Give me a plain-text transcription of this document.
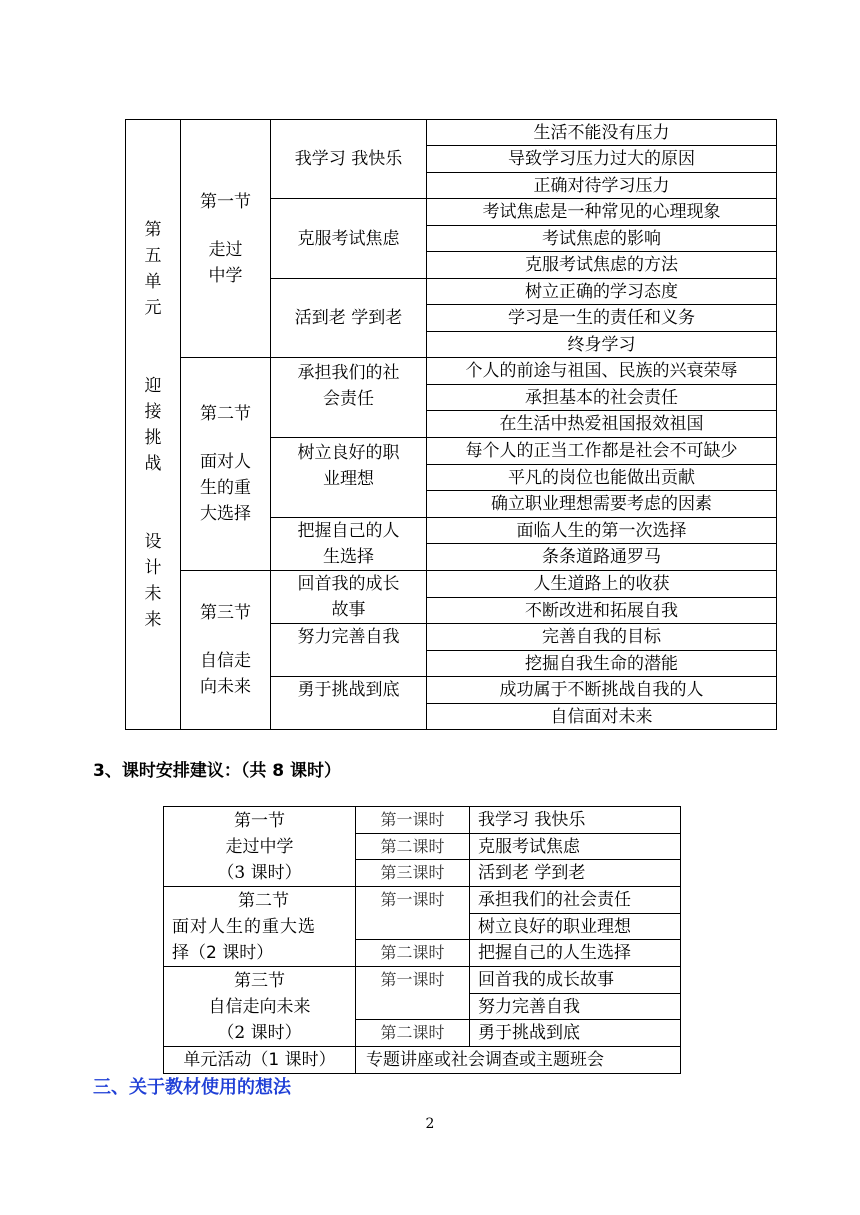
第
五
单
元
迎
接
挑
战
设
计
未
来
第一节
走过
中学
第二节
面对人
生的重
大选择
第三节
自信走
向未来
我学习 我快乐
克服考试焦虑
活到老 学到老
承担我们的社
会责任
树立良好的职
业理想
把握自己的人
生选择
回首我的成长
故事
努力完善自我
勇于挑战到底
生活不能没有压力
导致学习压力过大的原因
正确对待学习压力
考试焦虑是一种常见的心理现象
考试焦虑的影响
克服考试焦虑的方法
树立正确的学习态度
学习是一生的责任和义务
终身学习
个人的前途与祖国、民族的兴衰荣辱
承担基本的社会责任
在生活中热爱祖国报效祖国
每个人的正当工作都是社会不可缺少
平凡的岗位也能做出贡献
确立职业理想需要考虑的因素
面临人生的第一次选择
条条道路通罗马
人生道路上的收获
不断改进和拓展自我
完善自我的目标
挖掘自我生命的潜能
成功属于不断挑战自我的人
自信面对未来
3、课时安排建议：（共 8 课时）
第一节
走过中学
（3 课时）
第二节
面对人生的重大选
择（2 课时）
第三节
自信走向未来
（2 课时）
第一课时
第二课时
第三课时
第一课时
第二课时
第一课时
第二课时
我学习 我快乐
克服考试焦虑
活到老 学到老
承担我们的社会责任
树立良好的职业理想
把握自己的人生选择
回首我的成长故事
努力完善自我
勇于挑战到底
单元活动（1 课时）	专题讲座或社会调查或主题班会
三、关于教材使用的想法
2
